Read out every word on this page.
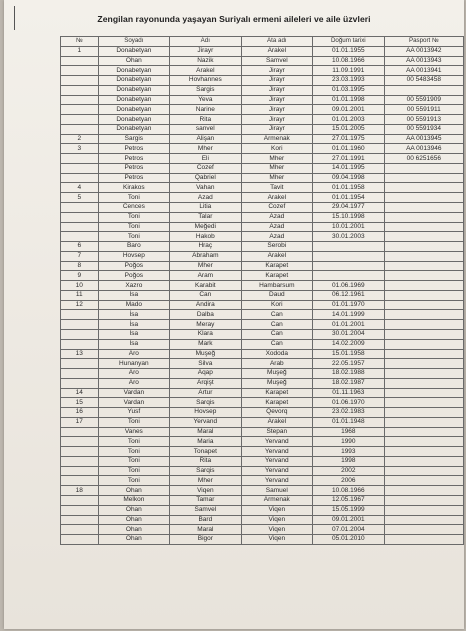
Zengilan rayonunda yaşayan Suriyalı ermeni aileleri ve aile üzvleri
№	Soyadı	Adı	Ata adı	Doğum tarixi	Pasport №
1	Donabetyan	Jirayr	Arakel	01.01.1955	AA 0013942
	Ohan	Nazik	Samvel	10.08.1966	AA 0013943
	Donabetyan	Arakel	Jirayr	11.09.1991	AA 0013941
	Donabetyan	Hovhannes	Jirayr	23.03.1993	00 5483458
	Donabetyan	Sargis	Jirayr	01.03.1995	
	Donabetyan	Yeva	Jirayr	01.01.1998	00 5591909
	Donabetyan	Narine	Jirayr	09.01.2001	00 5591911
	Donabetyan	Rita	Jirayr	01.01.2003	00 5591913
	Donabetyan	sanvel	Jirayr	15.01.2005	00 5591934
2	Sargis	Alişan	Armenak	27.01.1975	AA 0013945
3	Petros	Mher	Kori	01.01.1960	AA 0013946
	Petros	Eli	Mher	27.01.1991	00 6251656
	Petros	Cozef	Mher	14.01.1995	
	Petros	Qabriel	Mher	09.04.1998	
4	Kirakos	Vahan	Tavit	01.01.1958	
5	Toni	Azad	Arakel	01.01.1954	
	Cences	Litia	Cozef	29.04.1977	
	Toni	Talar	Azad	15.10.1998	
	Toni	Meğedi	Azad	10.01.2001	
	Toni	Hakob	Azad	30.01.2003	
6	Baro	Hraç	Serobi		
7	Hovsep	Abraham	Arakel		
8	Poğos	Mher	Karapet		
9	Poğos	Aram	Karapet		
10	Xazro	Karabit	Hambarsum	01.06.1969	
11	İsa	Can	Daud	06.12.1961	
12	Mado	Andira	Kori	01.01.1970	
	İsa	Dalba	Can	14.01.1999	
	İsa	Meray	Can	01.01.2001	
	İsa	Klara	Can	30.01.2004	
	İsa	Mark	Can	14.02.2009	
13	Aro	Muşeğ	Xododa	15.01.1958	
	Hunanyan	Silva	Arab	22.05.1957	
	Aro	Aqap	Muşeğ	18.02.1988	
	Aro	Arqişt	Muşeğ	18.02.1987	
14	Vardan	Artur	Karapet	01.11.1963	
15	Vardan	Sarqis	Karapet	01.06.1970	
16	Yusf	Hovsep	Qevorq	23.02.1983	
17	Toni	Yervand	Arakel	01.01.1948	
	Vanes	Maral	Stepan	1968	
	Toni	Maria	Yervand	1990	
	Toni	Tonapet	Yervand	1993	
	Toni	Rita	Yervand	1998	
	Toni	Sarqis	Yervand	2002	
	Toni	Mher	Yervand	2006	
18	Ohan	Viqen	Samuel	10.08.1966	
	Melkon	Tamar	Armenak	12.05.1967	
	Ohan	Samvel	Viqen	15.05.1999	
	Ohan	Bard	Viqen	09.01.2001	
	Ohan	Maral	Viqen	07.01.2004	
	Ohan	Bigor	Viqen	05.01.2010	
